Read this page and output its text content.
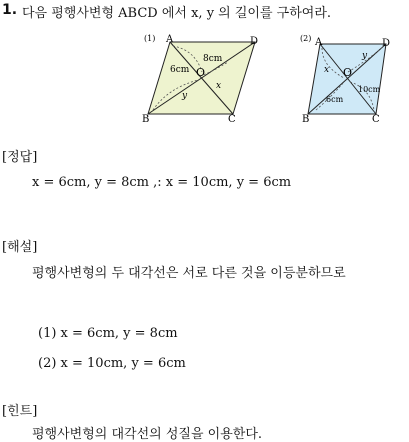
1. 다음 평행사변형 ABCD 에서 x, y 의 길이를 구하여라.
(1) A	D
B	C
O
8cm
6cm
x
y
(2) A	D
B	C
O
y
x
6cm
10cm
[정답]
x = 6cm, y = 8cm ,: x = 10cm, y = 6cm
[해설]
평행사변형의 두 대각선은 서로 다른 것을 이등분하므로
(1) x = 6cm, y = 8cm
(2) x = 10cm, y = 6cm
[힌트]
평행사변형의 대각선의 성질을 이용한다.
